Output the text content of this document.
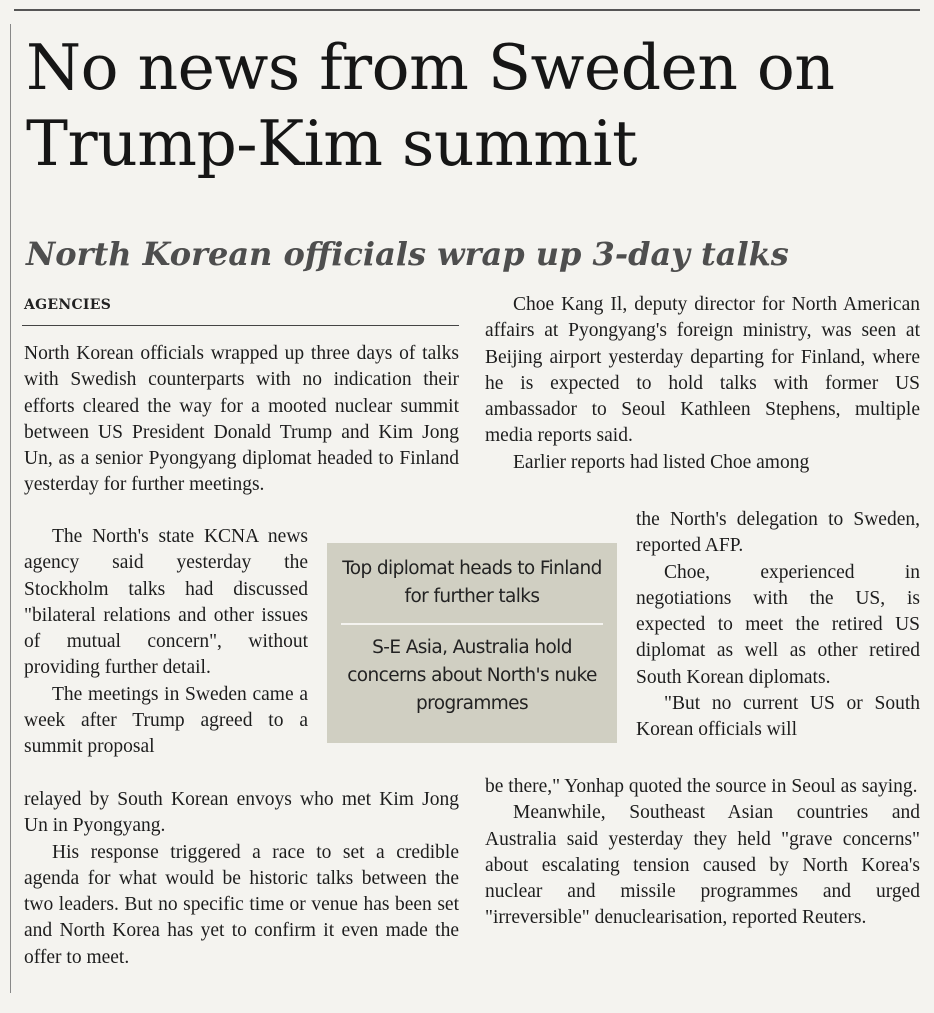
No news from Sweden on Trump-Kim summit
North Korean officials wrap up 3-day talks
AGENCIES

North Korean officials wrapped up three days of talks with Swedish counterparts with no indication their efforts cleared the way for a mooted nuclear summit between US President Donald Trump and Kim Jong Un, as a senior Pyongyang diplomat headed to Finland yesterday for further meetings.

The North's state KCNA news agency said yesterday the Stockholm talks had discussed "bilateral relations and other issues of mutual concern", without providing further detail.

The meetings in Sweden came a week after Trump agreed to a summit proposal

relayed by South Korean envoys who met Kim Jong Un in Pyongyang.

His response triggered a race to set a credible agenda for what would be historic talks between the two leaders. But no specific time or venue has been set and North Korea has yet to confirm it even made the offer to meet.

Top diplomat heads to Finland for further talks
S-E Asia, Australia hold concerns about North's nuke programmes

Choe Kang Il, deputy director for North American affairs at Pyongyang's foreign ministry, was seen at Beijing airport yesterday departing for Finland, where he is expected to hold talks with former US ambassador to Seoul Kathleen Stephens, multiple media reports said.

Earlier reports had listed Choe among

the North's delegation to Sweden, reported AFP.

Choe, experienced in negotiations with the US, is expected to meet the retired US diplomat as well as other retired South Korean diplomats.

"But no current US or South Korean officials will

be there," Yonhap quoted the source in Seoul as saying.

Meanwhile, Southeast Asian countries and Australia said yesterday they held "grave concerns" about escalating tension caused by North Korea's nuclear and missile programmes and urged "irreversible" denuclearisation, reported Reuters.
